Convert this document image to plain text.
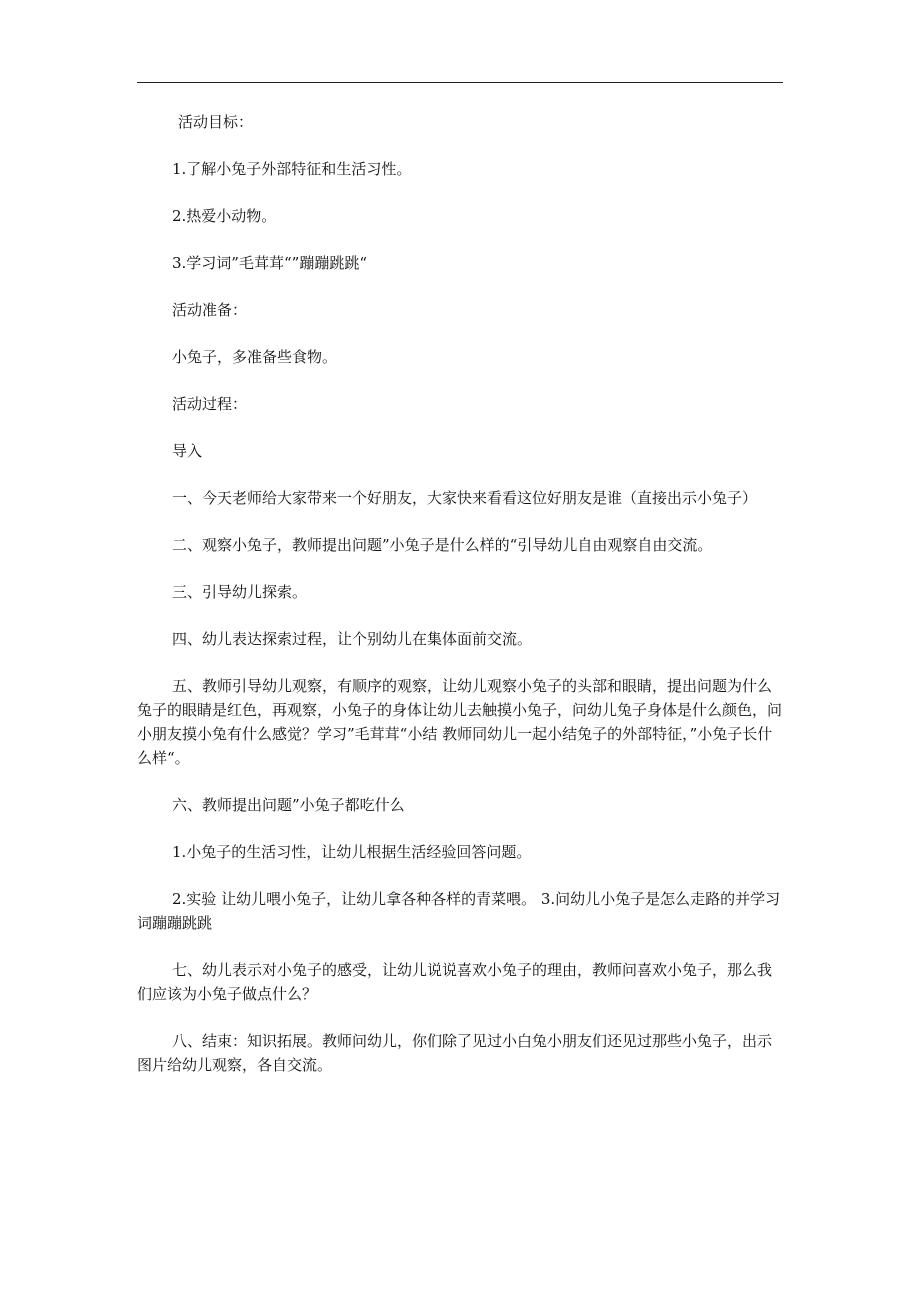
活动目标：

1.了解小兔子外部特征和生活习性。

2.热爱小动物。

3.学习词”毛茸茸“”蹦蹦跳跳“

活动准备：

小兔子，多准备些食物。

活动过程：

导入

一、今天老师给大家带来一个好朋友，大家快来看看这位好朋友是谁（直接出示小兔子）

二、观察小兔子，教师提出问题”小兔子是什么样的“引导幼儿自由观察自由交流。

三、引导幼儿探索。

四、幼儿表达探索过程，让个别幼儿在集体面前交流。

五、教师引导幼儿观察，有顺序的观察，让幼儿观察小兔子的头部和眼睛，提出问题为什么兔子的眼睛是红色，再观察，小兔子的身体让幼儿去触摸小兔子，问幼儿兔子身体是什么颜色，问小朋友摸小兔有什么感觉？学习”毛茸茸“小结 教师同幼儿一起小结兔子的外部特征，”小兔子长什么样“。

六、教师提出问题”小兔子都吃什么

1.小兔子的生活习性，让幼儿根据生活经验回答问题。

2.实验 让幼儿喂小兔子，让幼儿拿各种各样的青菜喂。 3.问幼儿小兔子是怎么走路的并学习词蹦蹦跳跳

七、幼儿表示对小兔子的感受，让幼儿说说喜欢小兔子的理由，教师问喜欢小兔子，那么我们应该为小兔子做点什么？

八、结束：知识拓展。教师问幼儿，你们除了见过小白兔小朋友们还见过那些小兔子，出示图片给幼儿观察，各自交流。
